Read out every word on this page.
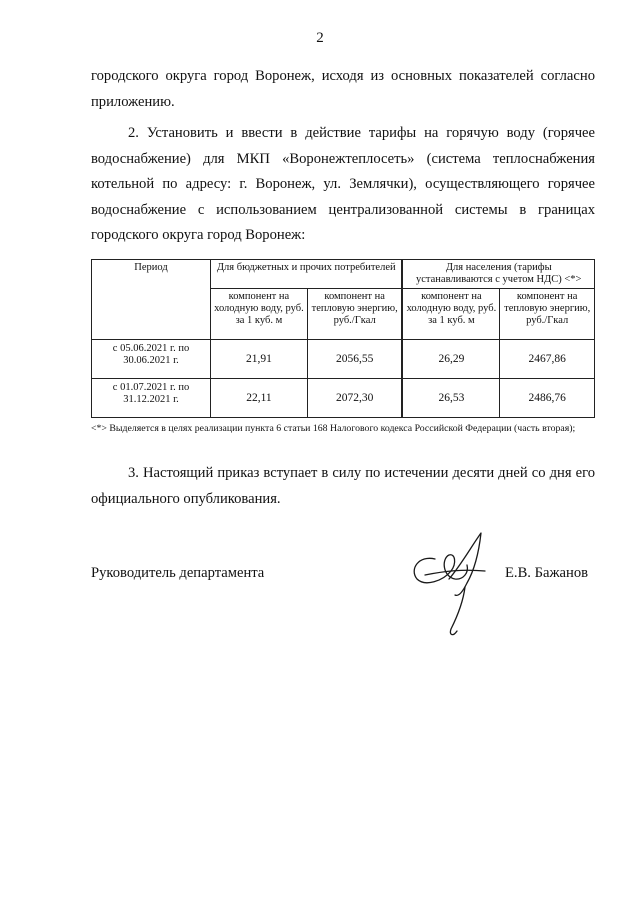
2
городского округа город Воронеж, исходя из основных показателей согласно приложению.
2. Установить и ввести в действие тарифы на горячую воду (горячее водоснабжение) для МКП «Воронежтеплосеть» (система теплоснабжения котельной по адресу: г. Воронеж, ул. Землячки), осуществляющего горячее водоснабжение с использованием централизованной системы в границах городского округа город Воронеж:
Период	Для бюджетных и прочих потребителей		Для населения (тарифы устанавливаются с учетом НДС) <*>	
	компонент на холодную воду, руб. за 1 куб. м	компонент на тепловую энергию, руб./Гкал	компонент на холодную воду, руб. за 1 куб. м	компонент на тепловую энергию, руб./Гкал
с 05.06.2021 г. по 30.06.2021 г.	21,91	2056,55	26,29	2467,86
с 01.07.2021 г. по 31.12.2021 г.	22,11	2072,30	26,53	2486,76
<*> Выделяется в целях реализации пункта 6 статьи 168 Налогового кодекса Российской Федерации (часть вторая);
3. Настоящий приказ вступает в силу по истечении десяти дней со дня его официального опубликования.
Руководитель департамента	Е.В. Бажанов
